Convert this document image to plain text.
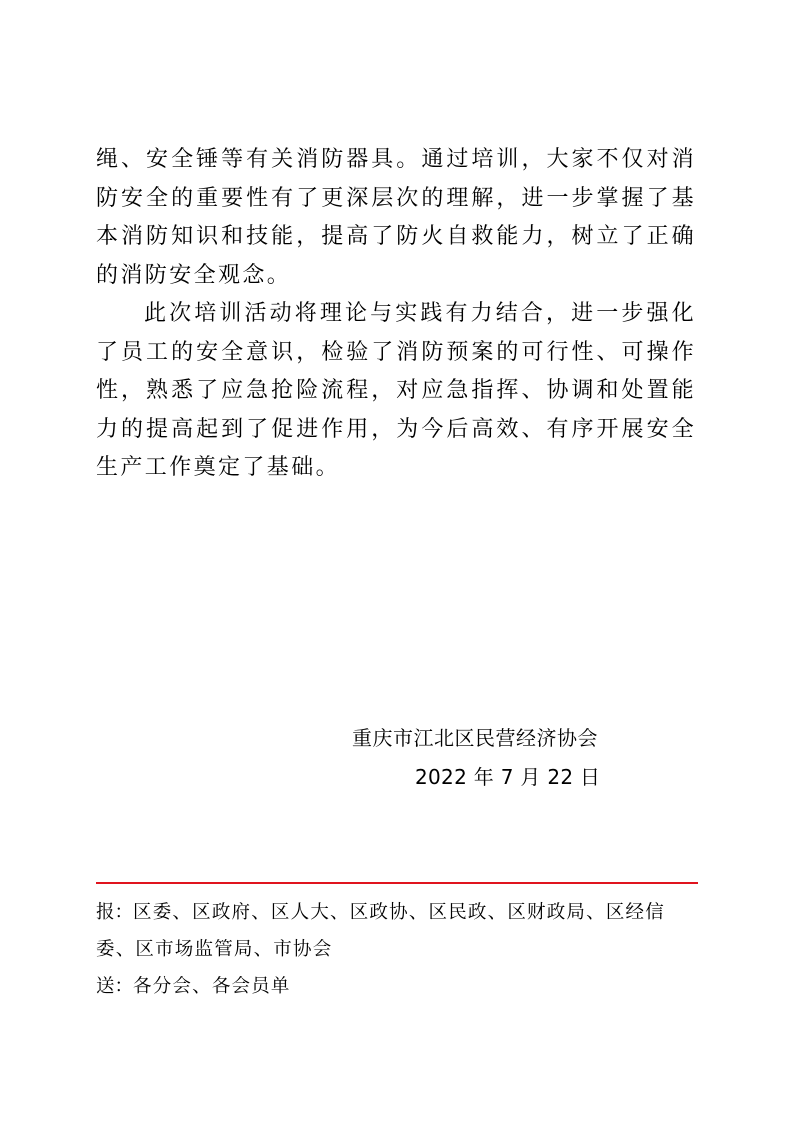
绳、安全锤等有关消防器具。通过培训，大家不仅对消防安全的重要性有了更深层次的理解，进一步掌握了基本消防知识和技能，提高了防火自救能力，树立了正确的消防安全观念。

此次培训活动将理论与实践有力结合，进一步强化了员工的安全意识，检验了消防预案的可行性、可操作性，熟悉了应急抢险流程，对应急指挥、协调和处置能力的提高起到了促进作用，为今后高效、有序开展安全生产工作奠定了基础。

重庆市江北区民营经济协会
2022 年 7 月 22 日

报：区委、区政府、区人大、区政协、区民政、区财政局、区经信委、区市场监管局、市协会

送：各分会、各会员单
